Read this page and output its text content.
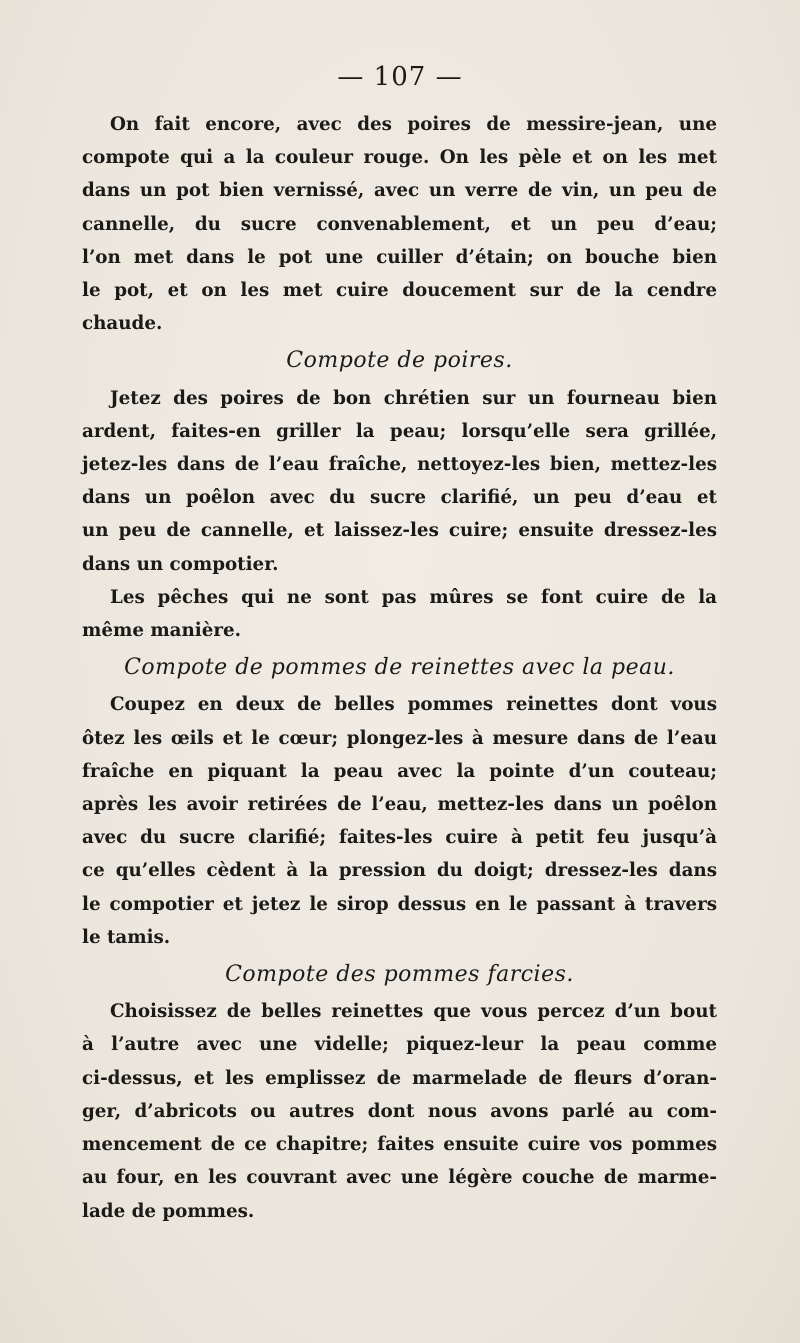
— 107 —
On fait encore, avec des poires de messire-jean, une
compote qui a la couleur rouge. On les pèle et on les met
dans un pot bien vernissé, avec un verre de vin, un peu de
cannelle, du sucre convenablement, et un peu d’eau;
l’on met dans le pot une cuiller d’étain; on bouche bien
le pot, et on les met cuire doucement sur de la cendre
chaude.
Compote de poires.
Jetez des poires de bon chrétien sur un fourneau bien
ardent, faites-en griller la peau; lorsqu’elle sera grillée,
jetez-les dans de l’eau fraîche, nettoyez-les bien, mettez-les
dans un poêlon avec du sucre clarifié, un peu d’eau et
un peu de cannelle, et laissez-les cuire; ensuite dressez-les
dans un compotier.
Les pêches qui ne sont pas mûres se font cuire de la
même manière.
Compote de pommes de reinettes avec la peau.
Coupez en deux de belles pommes reinettes dont vous
ôtez les œils et le cœur; plongez-les à mesure dans de l’eau
fraîche en piquant la peau avec la pointe d’un couteau;
après les avoir retirées de l’eau, mettez-les dans un poêlon
avec du sucre clarifié; faites-les cuire à petit feu jusqu’à
ce qu’elles cèdent à la pression du doigt; dressez-les dans
le compotier et jetez le sirop dessus en le passant à travers
le tamis.
Compote des pommes farcies.
Choisissez de belles reinettes que vous percez d’un bout
à l’autre avec une videlle; piquez-leur la peau comme
ci-dessus, et les emplissez de marmelade de fleurs d’oran-
ger, d’abricots ou autres dont nous avons parlé au com-
mencement de ce chapitre; faites ensuite cuire vos pommes
au four, en les couvrant avec une légère couche de marme-
lade de pommes.
